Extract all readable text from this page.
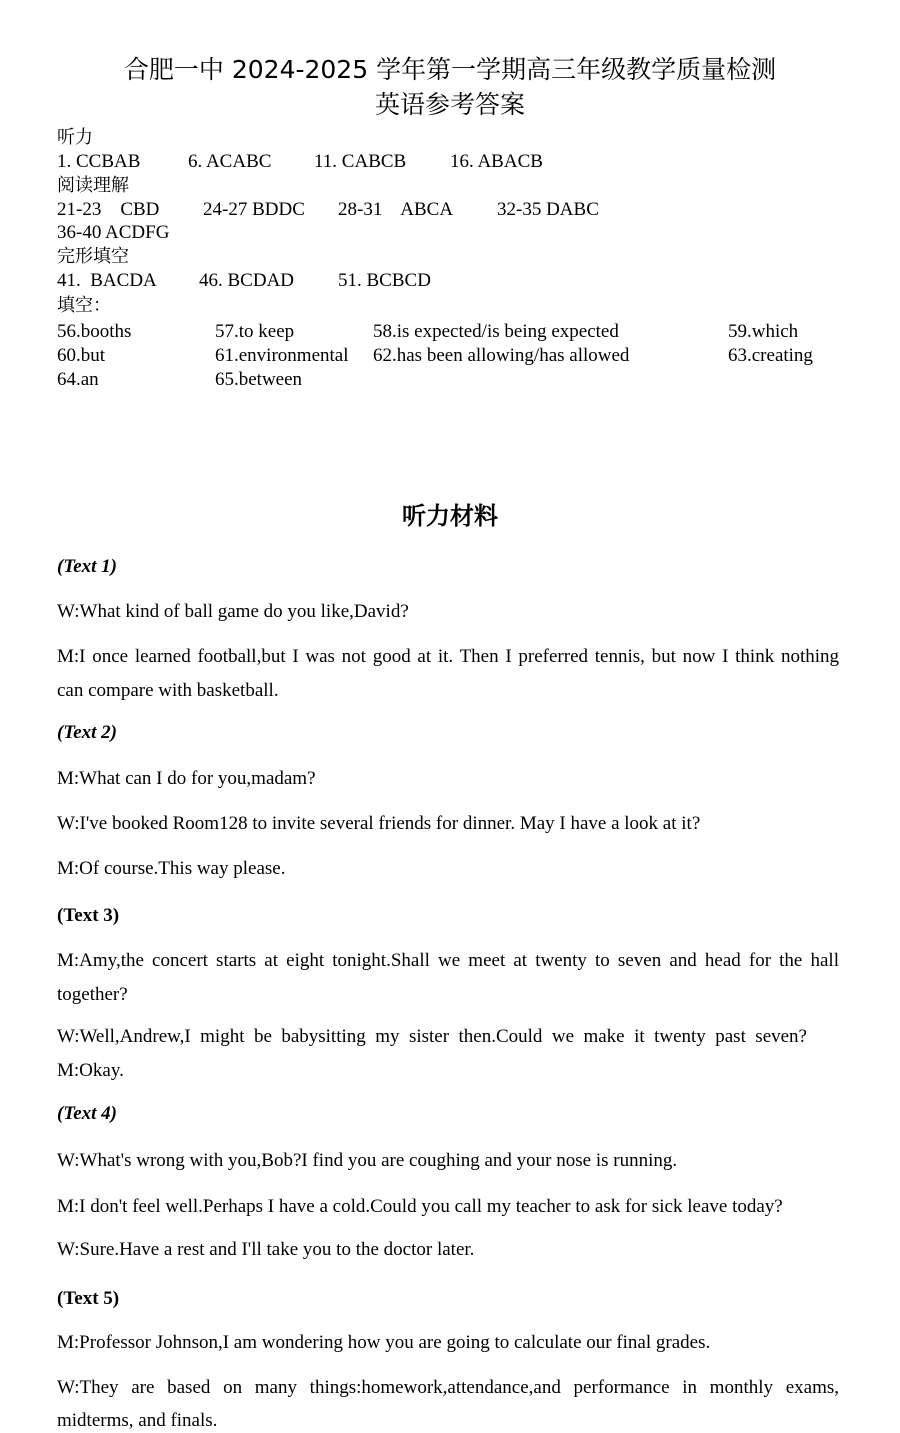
合肥一中 2024-2025 学年第一学期高三年级教学质量检测
英语参考答案
听力
1. CCBAB	6. ACABC 11. CABCB 16. ABACB
阅读理解
21-23    CBD 24-27 BDDC 28-31    ABCA 32-35 DABC
36-40 ACDFG
完形填空
41.  BACDA 46. BCDAD 51. BCBCD
填空：
56.booths	57.to keep	58.is expected/is being expected	59.which
60.but	61.environmental 62.has been allowing/has allowed	63.creating
64.an	65.between
听力材料
(Text 1)
W:What kind of ball game do you like,David?
M:I once learned football,but I was not good at it. Then I preferred tennis, but now I think nothing
can compare with basketball.
(Text 2)
M:What can I do for you,madam?
W:I've booked Room128 to invite several friends for dinner. May I have a look at it?
M:Of course.This way please.
(Text 3)
M:Amy,the concert starts at eight tonight.Shall we meet at twenty to seven and head for the hall
together?
W:Well,Andrew,I might be babysitting my sister then.Could we make it twenty past seven?
M:Okay.
(Text 4)
W:What's wrong with you,Bob?I find you are coughing and your nose is running.
M:I don't feel well.Perhaps I have a cold.Could you call my teacher to ask for sick leave today?
W:Sure.Have a rest and I'll take you to the doctor later.
(Text 5)
M:Professor Johnson,I am wondering how you are going to calculate our final grades.
W:They are based on many things:homework,attendance,and performance in monthly exams,
midterms, and finals.
